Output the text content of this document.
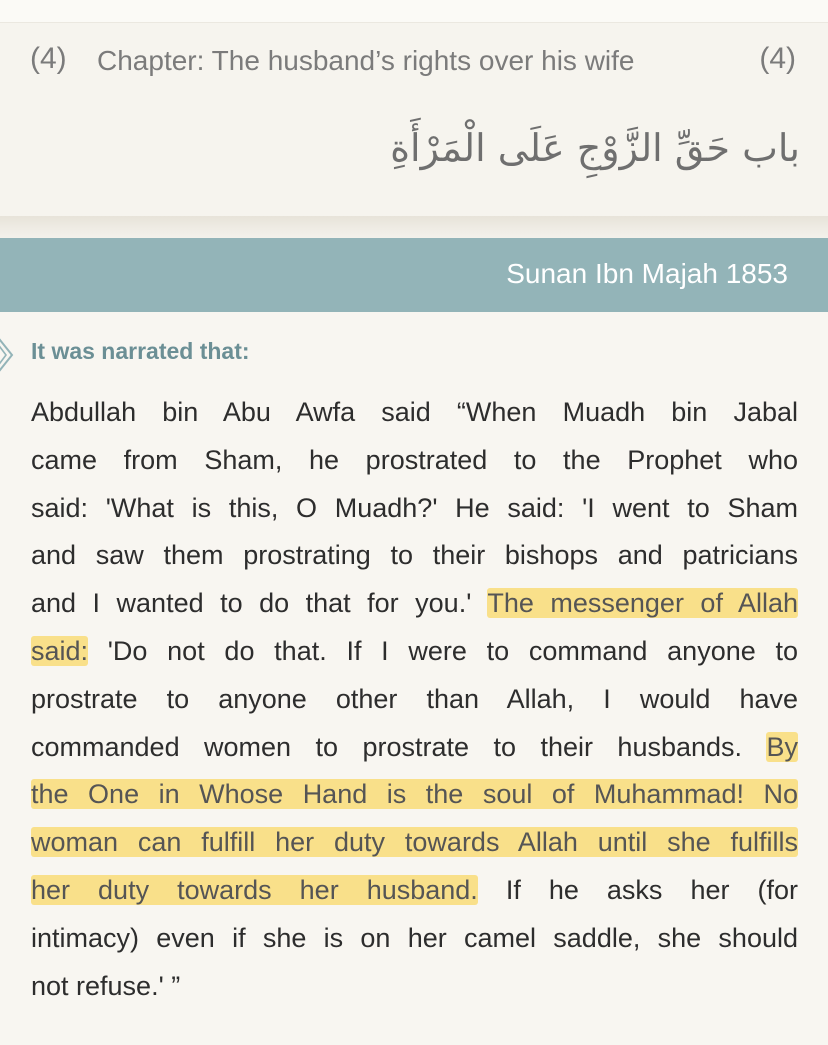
(4) Chapter: The husband’s rights over his wife	(4)
باب حَقِّ الزَّوْجِ عَلَى الْمَرْأَةِ
Sunan Ibn Majah 1853
It was narrated that:
Abdullah bin Abu Awfa said “When Muadh bin Jabal
came from Sham, he prostrated to the Prophet who
said: 'What is this, O Muadh?' He said: 'I went to Sham
and saw them prostrating to their bishops and patricians
and I wanted to do that for you.' The messenger of Allah
said: 'Do not do that. If I were to command anyone to
prostrate to anyone other than Allah, I would have
commanded women to prostrate to their husbands. By
the One in Whose Hand is the soul of Muhammad! No
woman can fulfill her duty towards Allah until she fulfills
her duty towards her husband. If he asks her (for
intimacy) even if she is on her camel saddle, she should
not refuse.' ”
